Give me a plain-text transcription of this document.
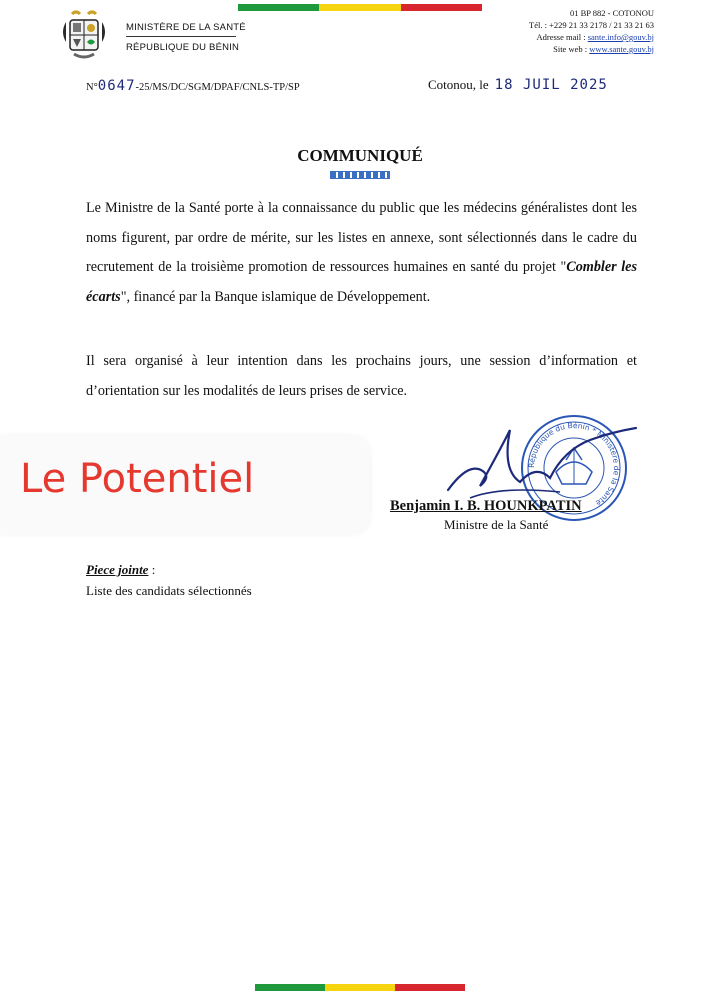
MINISTÈRE DE LA SANTÉ
RÉPUBLIQUE DU BÉNIN
01 BP 882 - COTONOU
Tél. : +229 21 33 2178 / 21 33 21 63
Adresse mail : sante.info@gouv.bj
Site web : www.sante.gouv.bj
N°0647-25/MS/DC/SGM/DPAF/CNLS-TP/SP	Cotonou, le 18 JUIL 2025
COMMUNIQUÉ
Le Ministre de la Santé porte à la connaissance du public que les médecins généralistes dont les noms figurent, par ordre de mérite, sur les listes en annexe, sont sélectionnés dans le cadre du recrutement de la troisième promotion de ressources humaines en santé du projet "Combler les écarts", financé par la Banque islamique de Développement.
Il sera organisé à leur intention dans les prochains jours, une session d’information et d’orientation sur les modalités de leurs prises de service.
Le Potentiel	République du Bénin * Ministère de la Santé
Benjamin I. B. HOUNKPATIN
Ministre de la Santé
Piece jointe :
Liste des candidats sélectionnés
